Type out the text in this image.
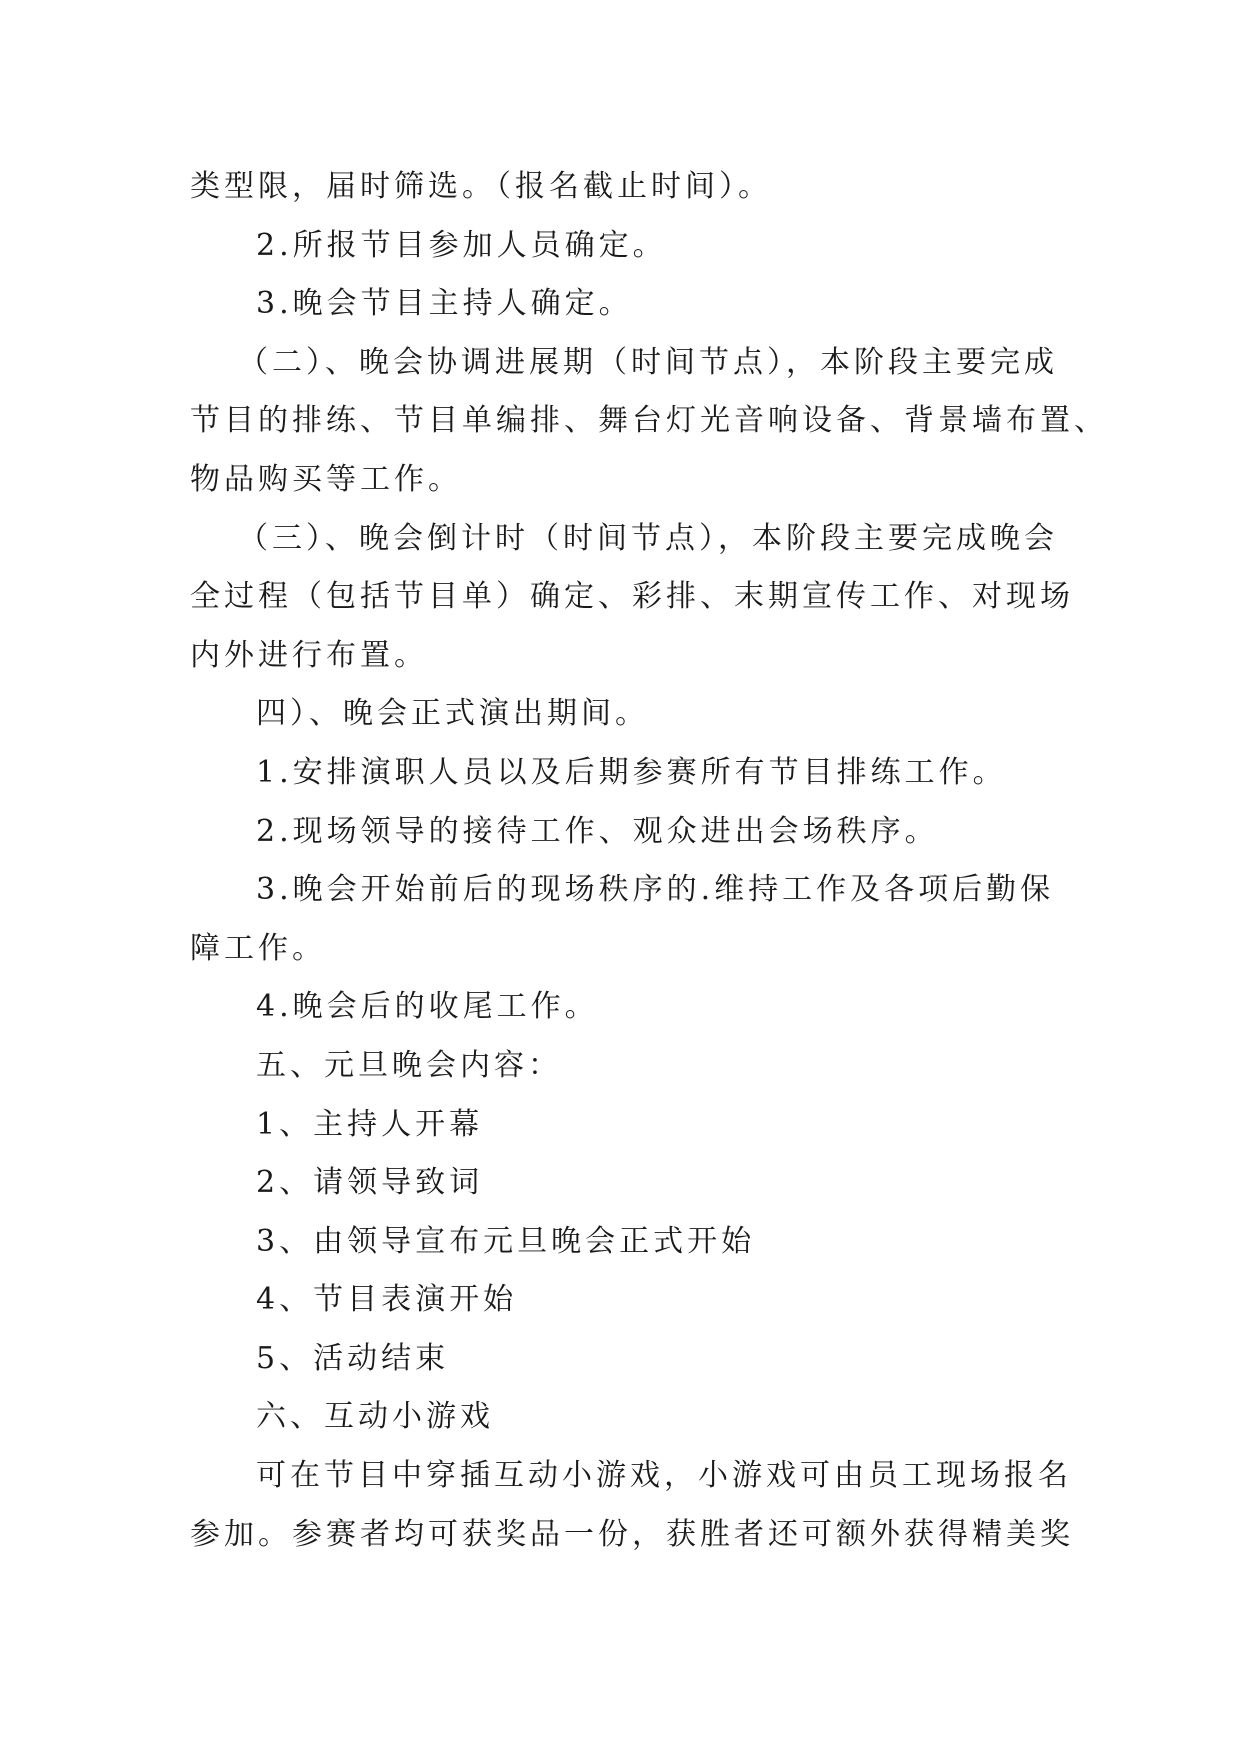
类型限，届时筛选。（报名截止时间）。
2.所报节目参加人员确定。
3.晚会节目主持人确定。
（二）、晚会协调进展期（时间节点），本阶段主要完成
节目的排练、节目单编排、舞台灯光音响设备、背景墙布置、
物品购买等工作。
（三）、晚会倒计时（时间节点），本阶段主要完成晚会
全过程（包括节目单）确定、彩排、末期宣传工作、对现场
内外进行布置。
四）、晚会正式演出期间。
1.安排演职人员以及后期参赛所有节目排练工作。
2.现场领导的接待工作、观众进出会场秩序。
3.晚会开始前后的现场秩序的.维持工作及各项后勤保
障工作。
4.晚会后的收尾工作。
五、元旦晚会内容：
1、主持人开幕
2、请领导致词
3、由领导宣布元旦晚会正式开始
4、节目表演开始
5、活动结束
六、互动小游戏
可在节目中穿插互动小游戏，小游戏可由员工现场报名
参加。参赛者均可获奖品一份，获胜者还可额外获得精美奖
